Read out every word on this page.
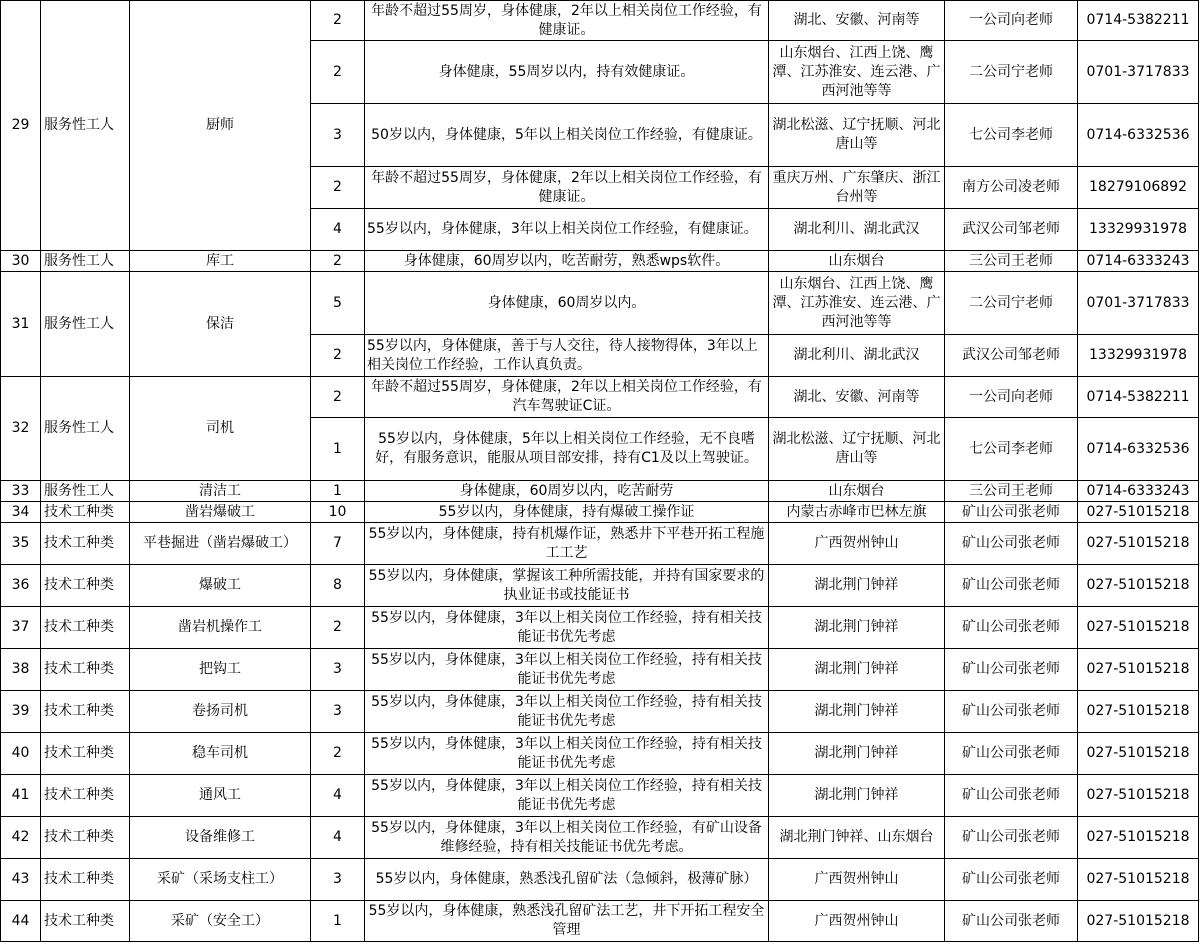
29	服务性工人	厨师	2	年龄不超过55周岁，身体健康，2年以上相关岗位工作经验，有健康证。	湖北、安徽、河南等	一公司向老师	0714-5382211
			2	身体健康，55周岁以内，持有效健康证。	山东烟台、江西上饶、鹰潭、江苏淮安、连云港、广西河池等等	二公司宁老师	0701-3717833
			3	50岁以内，身体健康，5年以上相关岗位工作经验，有健康证。	湖北松滋、辽宁抚顺、河北唐山等	七公司李老师	0714-6332536
			2	年龄不超过55周岁，身体健康，2年以上相关岗位工作经验，有健康证。	重庆万州、广东肇庆、浙江台州等	南方公司凌老师	18279106892
			4	55岁以内，身体健康，3年以上相关岗位工作经验，有健康证。	湖北利川、湖北武汉	武汉公司邹老师	13329931978
30	服务性工人	库工	2	身体健康，60周岁以内，吃苦耐劳，熟悉wps软件。	山东烟台	三公司王老师	0714-6333243
31	服务性工人	保洁	5	身体健康，60周岁以内。	山东烟台、江西上饶、鹰潭、江苏淮安、连云港、广西河池等等	二公司宁老师	0701-3717833
			2	55岁以内，身体健康，善于与人交往，待人接物得体，3年以上相关岗位工作经验，工作认真负责。	湖北利川、湖北武汉	武汉公司邹老师	13329931978
32	服务性工人	司机	2	年龄不超过55周岁，身体健康，2年以上相关岗位工作经验，有汽车驾驶证C证。	湖北、安徽、河南等	一公司向老师	0714-5382211
			1	55岁以内，身体健康，5年以上相关岗位工作经验，无不良嗜好，有服务意识，能服从项目部安排，持有C1及以上驾驶证。	湖北松滋、辽宁抚顺、河北唐山等	七公司李老师	0714-6332536
33	服务性工人	清洁工	1	身体健康，60周岁以内，吃苦耐劳	山东烟台	三公司王老师	0714-6333243
34	技术工种类	凿岩爆破工	10	55岁以内，身体健康，持有爆破工操作证	内蒙古赤峰市巴林左旗	矿山公司张老师	027-51015218
35	技术工种类	平巷掘进（凿岩爆破工）	7	55岁以内，身体健康，持有机爆作证，熟悉井下平巷开拓工程施工工艺	广西贺州钟山	矿山公司张老师	027-51015218
36	技术工种类	爆破工	8	55岁以内，身体健康，掌握该工种所需技能，并持有国家要求的执业证书或技能证书	湖北荆门钟祥	矿山公司张老师	027-51015218
37	技术工种类	凿岩机操作工	2	55岁以内，身体健康，3年以上相关岗位工作经验，持有相关技能证书优先考虑	湖北荆门钟祥	矿山公司张老师	027-51015218
38	技术工种类	把钩工	3	55岁以内，身体健康，3年以上相关岗位工作经验，持有相关技能证书优先考虑	湖北荆门钟祥	矿山公司张老师	027-51015218
39	技术工种类	卷扬司机	3	55岁以内，身体健康，3年以上相关岗位工作经验，持有相关技能证书优先考虑	湖北荆门钟祥	矿山公司张老师	027-51015218
40	技术工种类	稳车司机	2	55岁以内，身体健康，3年以上相关岗位工作经验，持有相关技能证书优先考虑	湖北荆门钟祥	矿山公司张老师	027-51015218
41	技术工种类	通风工	4	55岁以内，身体健康，3年以上相关岗位工作经验，持有相关技能证书优先考虑	湖北荆门钟祥	矿山公司张老师	027-51015218
42	技术工种类	设备维修工	4	55岁以内，身体健康，3年以上相关岗位工作经验，有矿山设备维修经验，持有相关技能证书优先考虑。	湖北荆门钟祥、山东烟台	矿山公司张老师	027-51015218
43	技术工种类	采矿（采场支柱工）	3	55岁以内，身体健康，熟悉浅孔留矿法（急倾斜，极薄矿脉）	广西贺州钟山	矿山公司张老师	027-51015218
44	技术工种类	采矿（安全工）	1	55岁以内，身体健康，熟悉浅孔留矿法工艺，井下开拓工程安全管理	广西贺州钟山	矿山公司张老师	027-51015218
